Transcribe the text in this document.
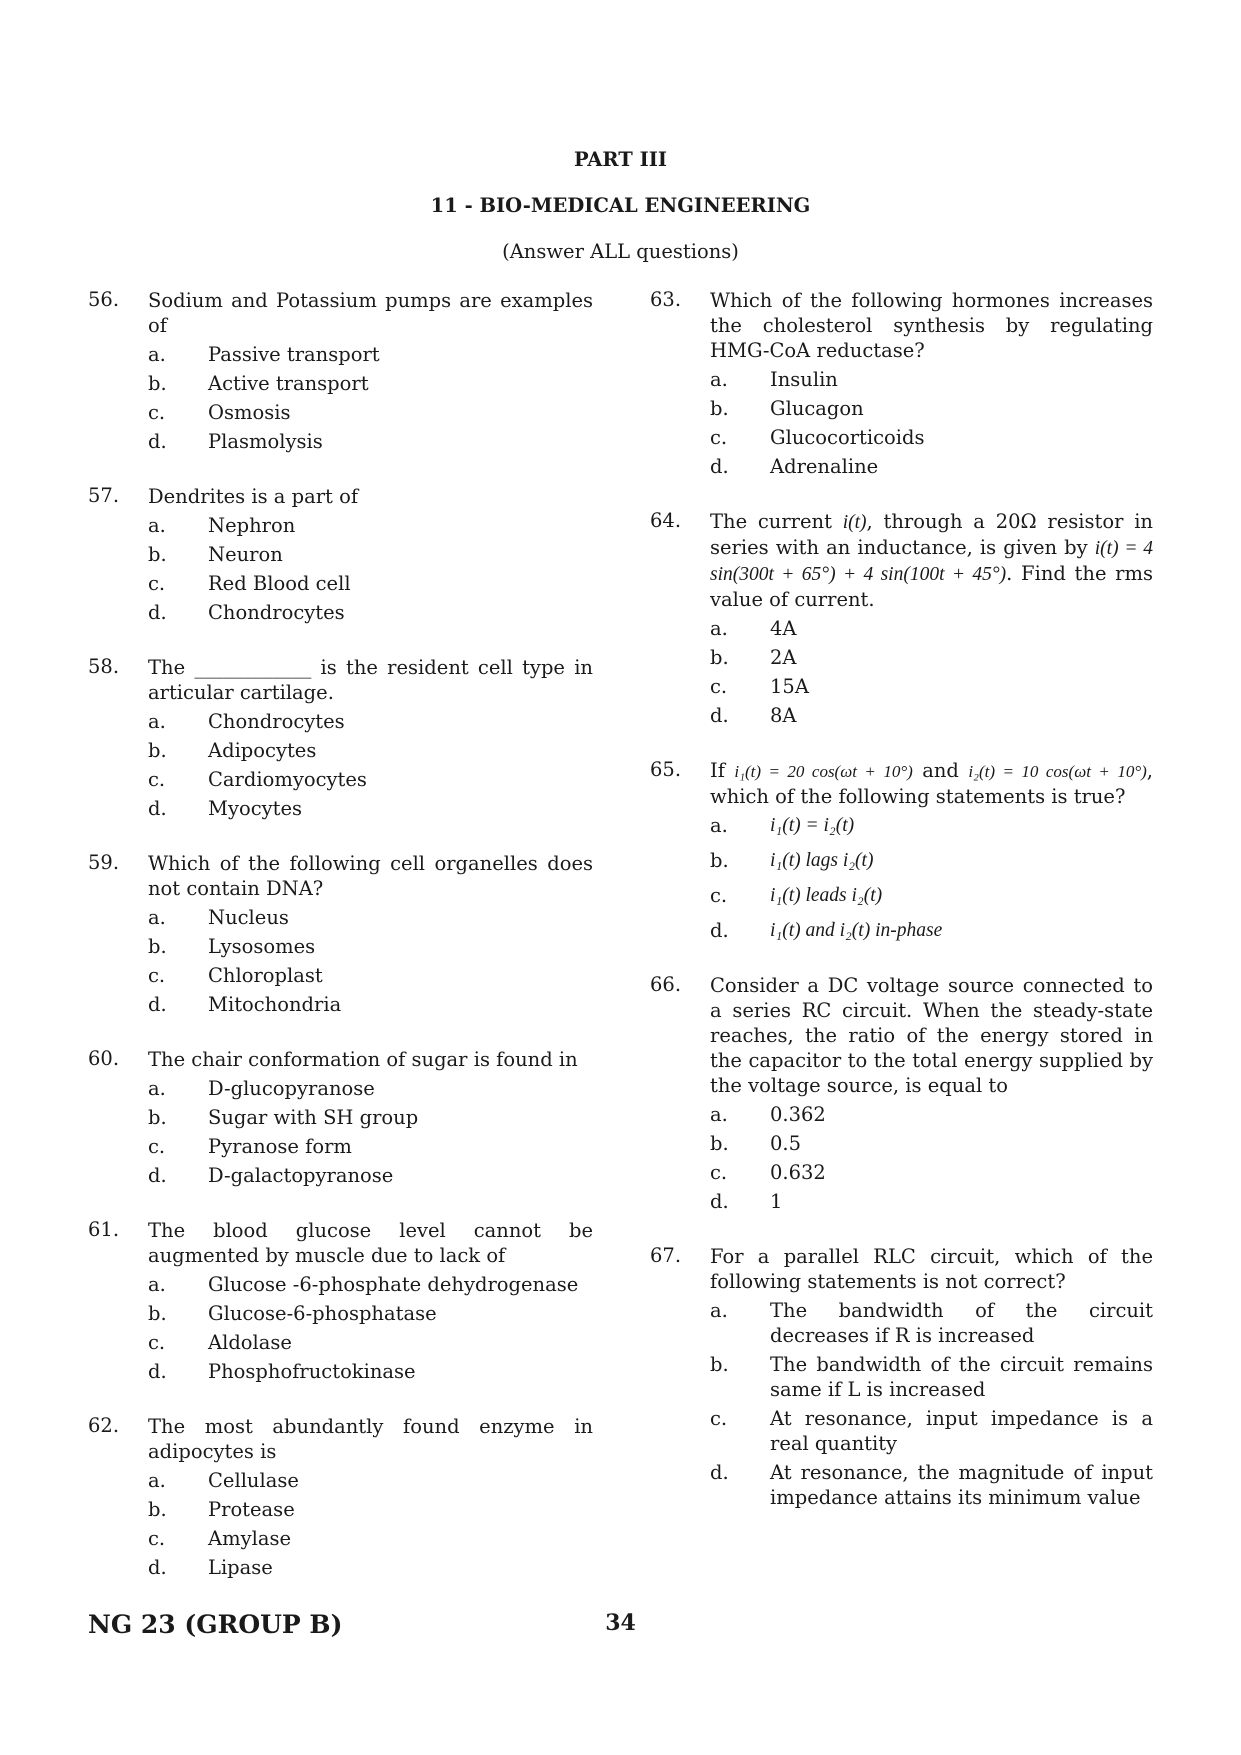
PART III
11 - BIO-MEDICAL ENGINEERING
(Answer ALL questions)
56. Sodium and Potassium pumps are examples of
a. Passive transport
b. Active transport
c. Osmosis
d. Plasmolysis
57. Dendrites is a part of
a. Nephron
b. Neuron
c. Red Blood cell
d. Chondrocytes
58. The ____________ is the resident cell type in articular cartilage.
a. Chondrocytes
b. Adipocytes
c. Cardiomyocytes
d. Myocytes
59. Which of the following cell organelles does not contain DNA?
a. Nucleus
b. Lysosomes
c. Chloroplast
d. Mitochondria
60. The chair conformation of sugar is found in
a. D-glucopyranose
b. Sugar with SH group
c. Pyranose form
d. D-galactopyranose
61. The blood glucose level cannot be augmented by muscle due to lack of
a. Glucose -6-phosphate dehydrogenase
b. Glucose-6-phosphatase
c. Aldolase
d. Phosphofructokinase
62. The most abundantly found enzyme in adipocytes is
a. Cellulase
b. Protease
c. Amylase
d. Lipase
63. Which of the following hormones increases the cholesterol synthesis by regulating HMG-CoA reductase?
a. Insulin
b. Glucagon
c. Glucocorticoids
d. Adrenaline
64. The current i(t), through a 20Ω resistor in series with an inductance, is given by i(t) = 4 sin(300t + 65°) + 4 sin(100t + 45°). Find the rms value of current.
a. 4A
b. 2A
c. 15A
d. 8A
65. If i₁(t) = 20 cos(ωt + 10°) and i₂(t) = 10 cos(ωt + 10°), which of the following statements is true?
a. i₁(t) = i₂(t)
b. i₁(t) lags i₂(t)
c. i₁(t) leads i₂(t)
d. i₁(t) and i₂(t) in-phase
66. Consider a DC voltage source connected to a series RC circuit. When the steady-state reaches, the ratio of the energy stored in the capacitor to the total energy supplied by the voltage source, is equal to
a. 0.362
b. 0.5
c. 0.632
d. 1
67. For a parallel RLC circuit, which of the following statements is not correct?
a. The bandwidth of the circuit decreases if R is increased
b. The bandwidth of the circuit remains same if L is increased
c. At resonance, input impedance is a real quantity
d. At resonance, the magnitude of input impedance attains its minimum value
NG 23 (GROUP B)	34
